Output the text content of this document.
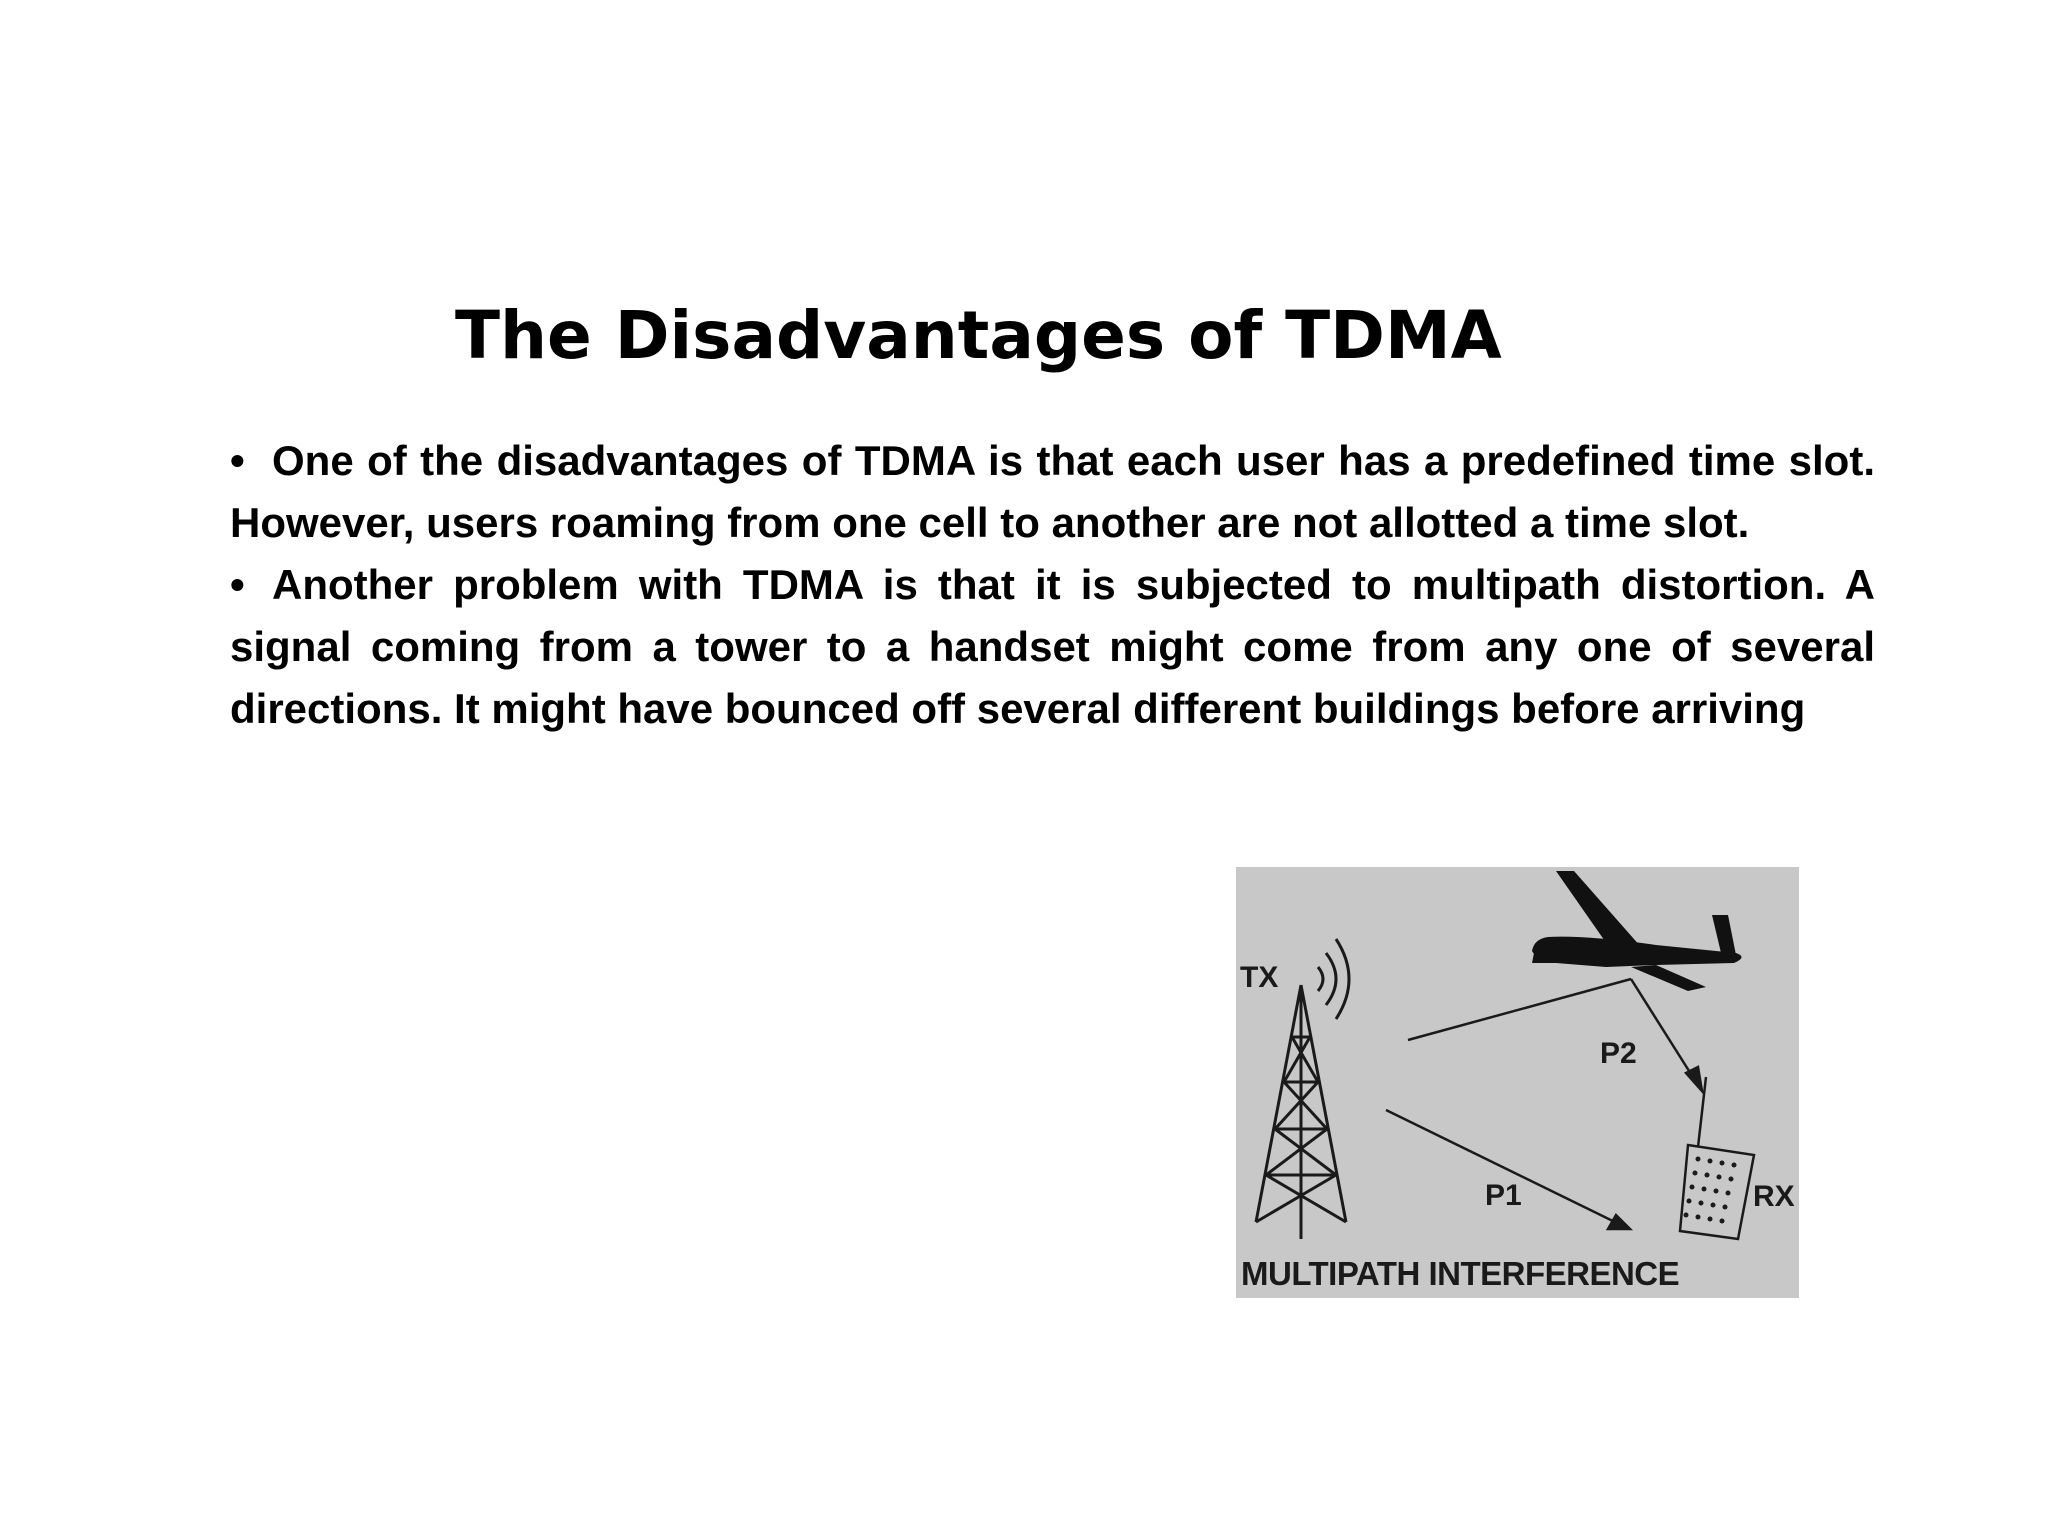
The Disadvantages of TDMA

• One of the disadvantages of TDMA is that each user has a predefined time slot. However, users roaming from one cell to another are not allotted a time slot.

• Another problem with TDMA is that it is subjected to multipath distortion. A signal coming from a tower to a handset might come from any one of several directions. It might have bounced off several different buildings before arriving

TX
P2
P1	RX
MULTIPATH INTERFERENCE
